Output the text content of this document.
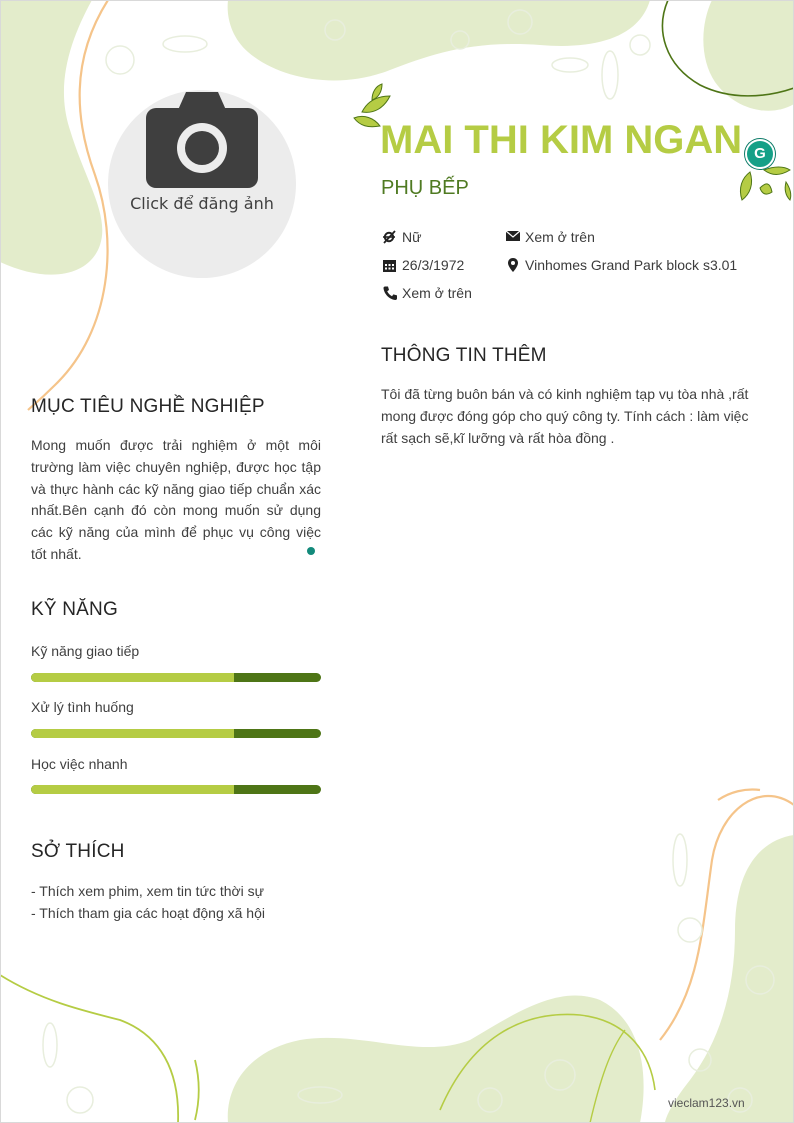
Click để đăng ảnh
MAI THI KIM NGAN G
PHỤ BẾP
Nữ	Xem ở trên
26/3/1972	Vinhomes Grand Park block s3.01
Xem ở trên
THÔNG TIN THÊM

Tôi đã từng buôn bán và có kinh nghiệm tạp vụ tòa nhà ,rất mong được đóng góp cho quý công ty. Tính cách : làm việc rất sạch sẽ,kĩ lưỡng và rất hòa đồng .

MỤC TIÊU NGHỀ NGHIỆP

Mong muốn được trải nghiệm ở một môi trường làm việc chuyên nghiệp, được học tập và thực hành các kỹ năng giao tiếp chuẩn xác nhất.Bên cạnh đó còn mong muốn sử dụng các kỹ năng của mình để phục vụ công việc tốt nhất.

KỸ NĂNG
Kỹ năng giao tiếp
Xử lý tình huống
Học việc nhanh
SỞ THÍCH
- Thích xem phim, xem tin tức thời sự
- Thích tham gia các hoạt động xã hội
vieclam123.vn
